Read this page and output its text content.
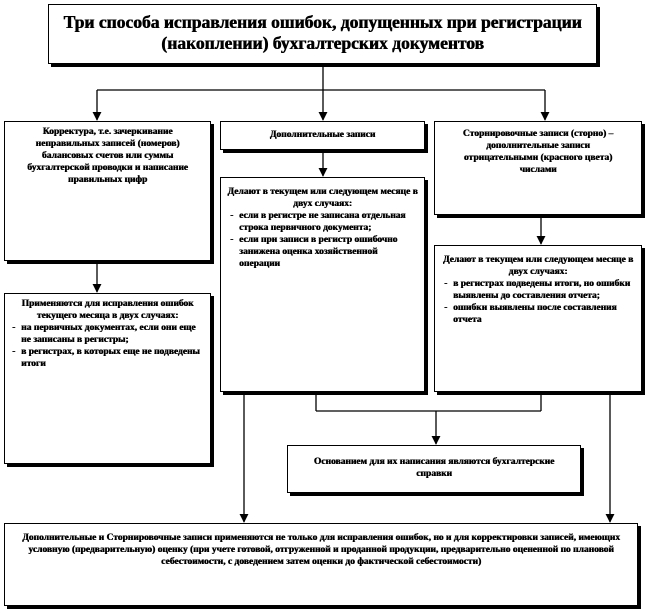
Три способа исправления ошибок, допущенных при регистрации (накоплении) бухгалтерских документов
Корректура, т.е. зачеркивание неправильных записей (номеров) балансовых счетов или суммы бухгалтерской проводки и написание правильных цифр
Дополнительные записи	Сторнировочные записи (сторно) – дополнительные записи отрицательными (красного цвета) числами
Применяются для исправления ошибок текущего месяца в двух случаях:
- на первичных документах, если они еще не записаны в регистры;
- в регистрах, в которых еще не подведены итоги
Делают в текущем или следующем месяце в двух случаях:
- если в регистре не записана отдельная строка первичного документа;
- если при записи в регистр ошибочно занижена оценка хозяйственной операции	Делают в текущем или следующем месяце в двух случаях:
- в регистрах подведены итоги, но ошибки выявлены до составления отчета;
- ошибки выявлены после составления отчета
Основанием для их написания являются бухгалтерские справки
Дополнительные и Сторнировочные записи применяются не только для исправления ошибок, но и для корректировки записей, имеющих условную (предварительную) оценку (при учете готовой, отгруженной и проданной продукции, предварительно оцененной по плановой себестоимости, с доведением затем оценки до фактической себестоимости)
